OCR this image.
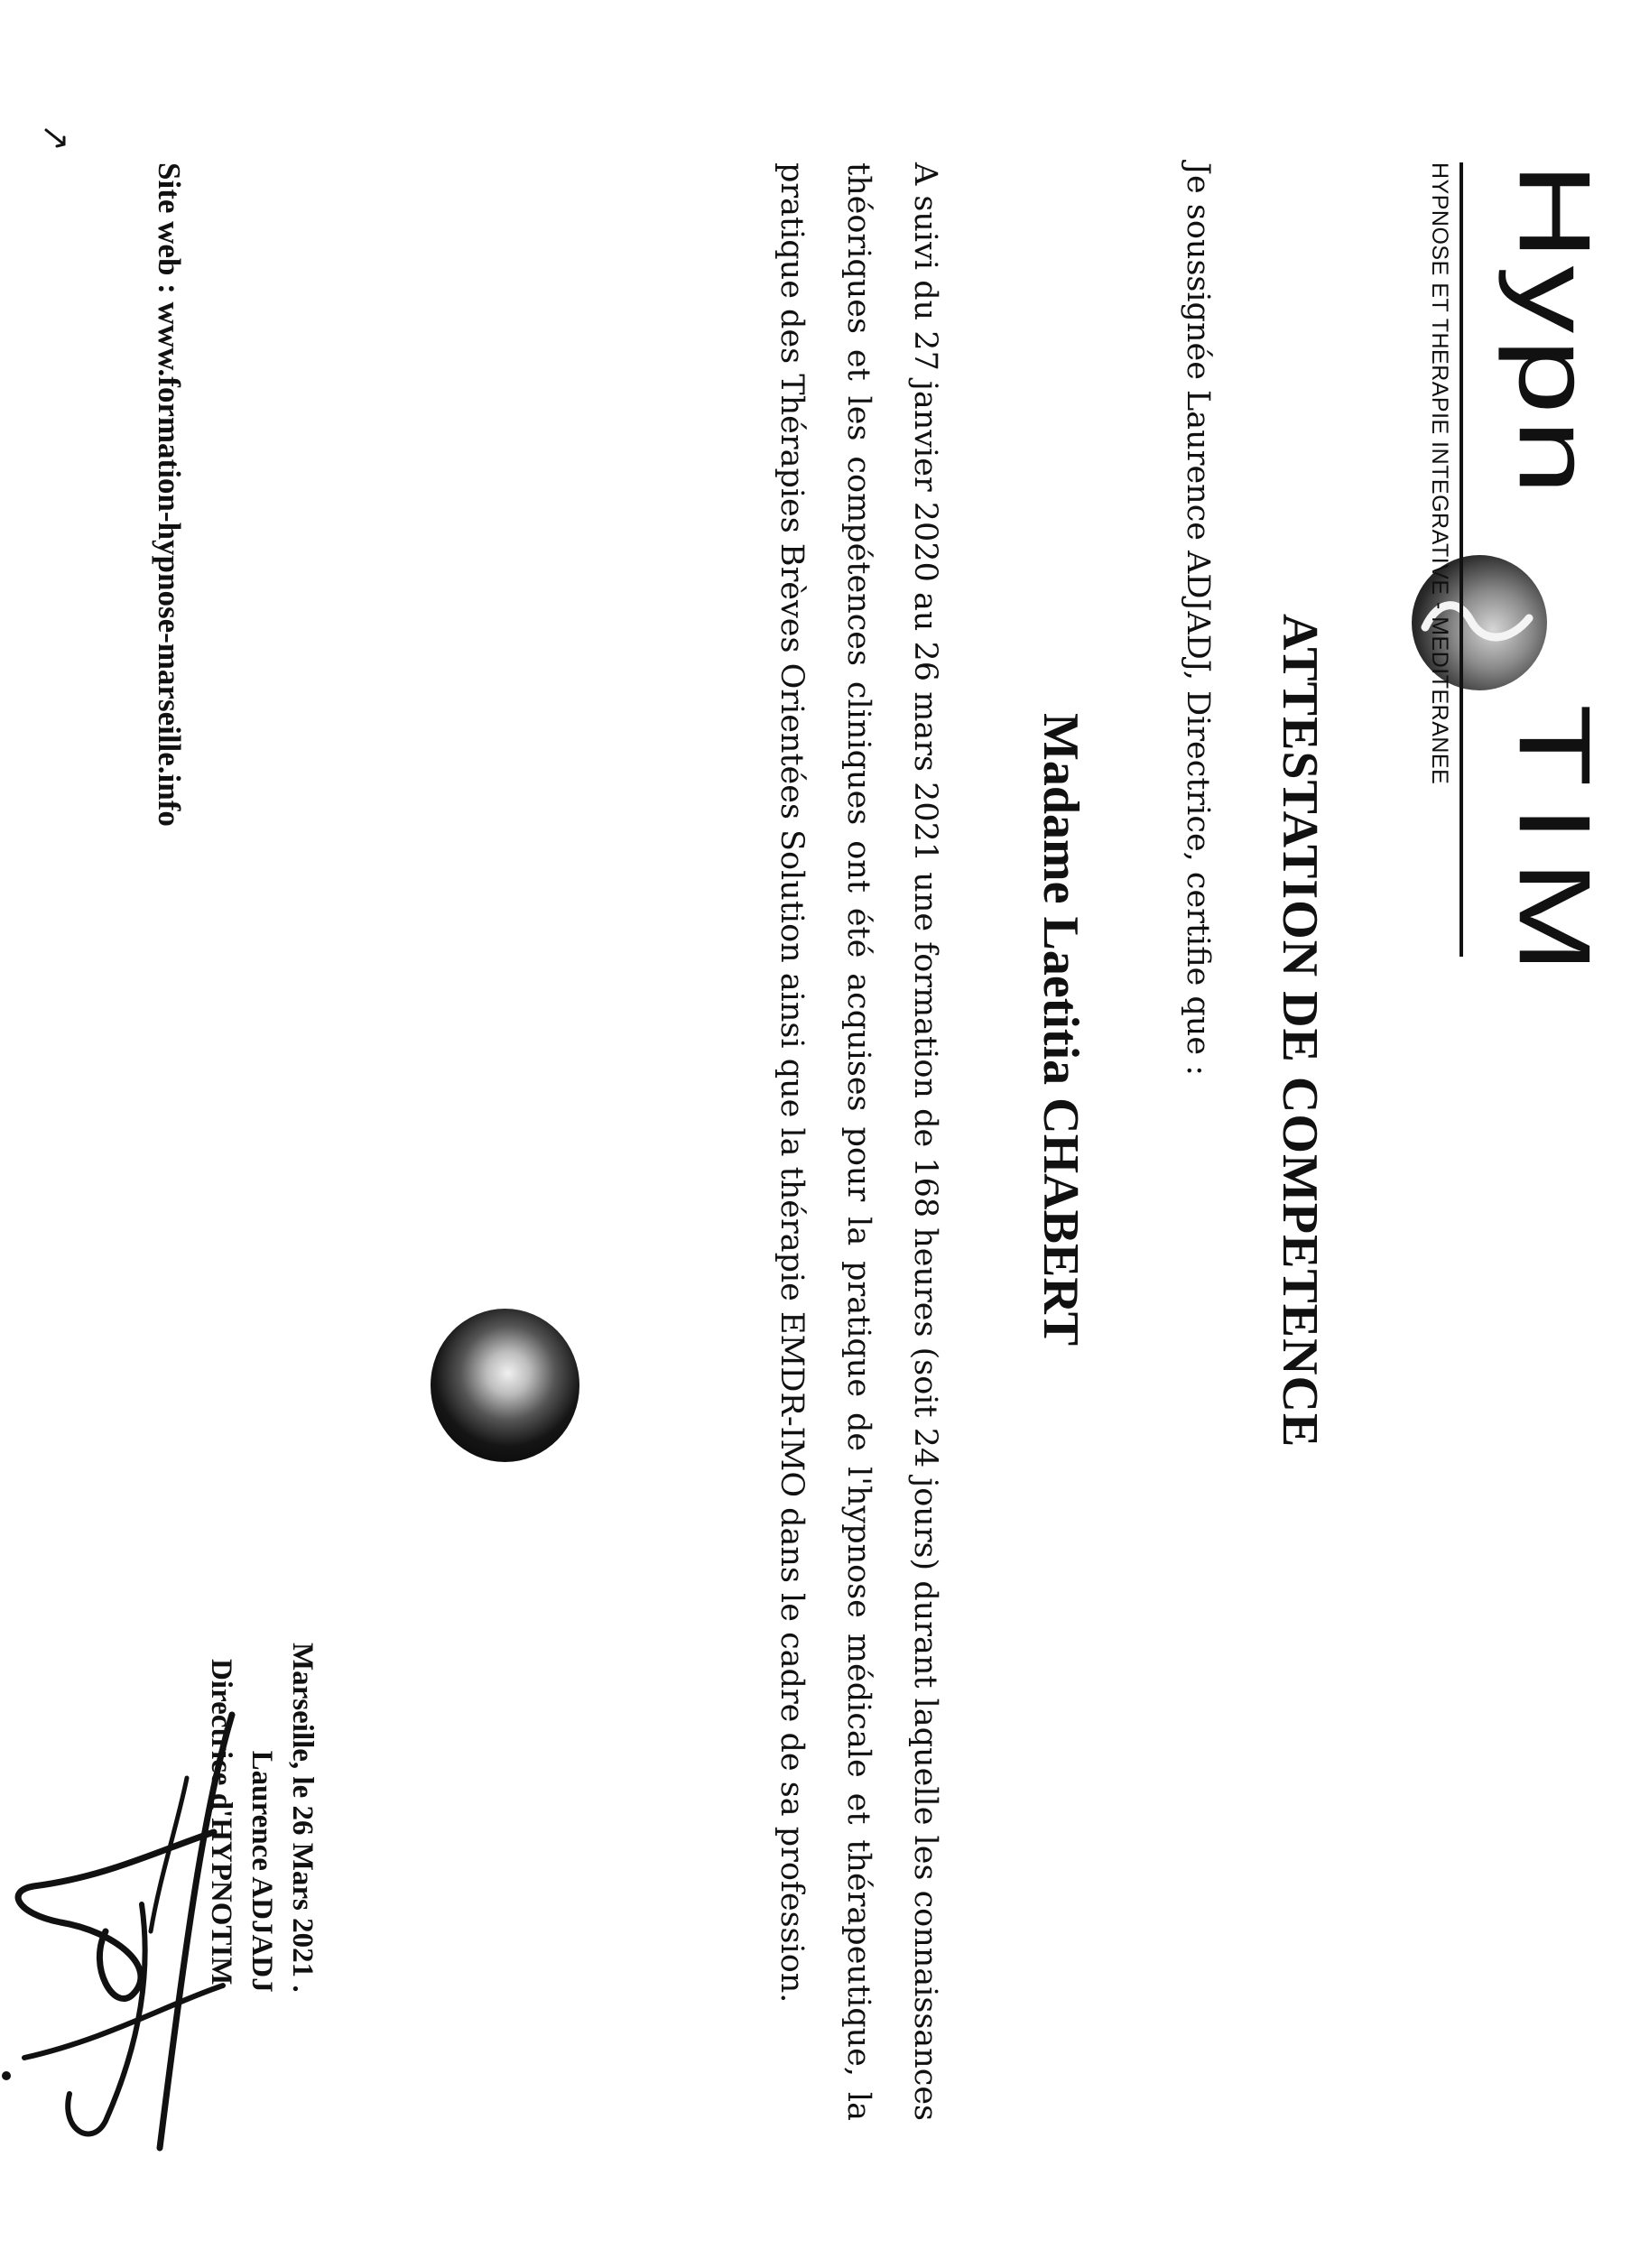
Hypn
TIM
HYPNOSE ET THERAPIE INTEGRATIVE - MEDITERANEE
ATTESTATION DE COMPETENCE
Je soussignée Laurence ADJADJ, Directrice, certifie que :
Madame Laetitia CHABERT
A suivi du 27 janvier 2020 au 26 mars 2021 une formation de 168 heures (soit 24 jours) durant laquelle les connaissances théoriques et les compétences cliniques ont été acquises pour la pratique de l'hypnose médicale et thérapeutique, la pratique des Thérapies Brèves Orientées Solution ainsi que la thérapie EMDR-IMO dans le cadre de sa profession.
Marseille, le 26 Mars 2021 .
Laurence ADJADJ
Directrice d'HYPNOTIM.
Site web : www.formation-hypnose-marseille.info
